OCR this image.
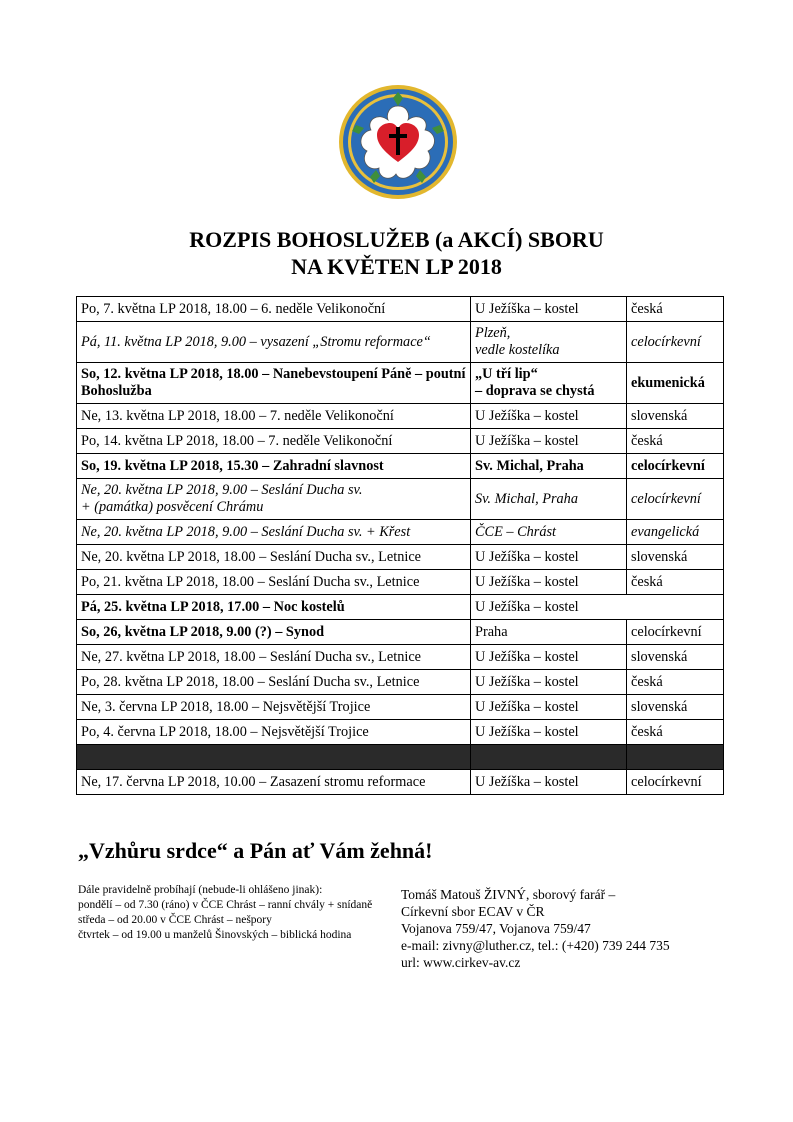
ROZPIS BOHOSLUŽEB (a AKCÍ) SBORU
NA KVĚTEN LP 2018
Po, 7. května LP 2018, 18.00 – 6. neděle Velikonoční	U Ježíška – kostel	česká
Pá, 11. května LP 2018, 9.00 – vysazení „Stromu reformace“	Plzeň,
vedle kostelíka	celocírkevní
So, 12. května LP 2018, 18.00 – Nanebevstoupení Páně – poutní Bohoslužba	„U tří lip“
– doprava se chystá	ekumenická
Ne, 13. května LP 2018, 18.00 – 7. neděle Velikonoční	U Ježíška – kostel	slovenská
Po, 14. května LP 2018, 18.00 – 7. neděle Velikonoční	U Ježíška – kostel	česká
So, 19. května LP 2018, 15.30 – Zahradní slavnost	Sv. Michal, Praha	celocírkevní

Ne, 20. května LP 2018, 9.00 – Seslání Ducha sv.
+ (památka) posvěcení Chrámu	Sv. Michal, Praha	celocírkevní
Ne, 20. května LP 2018, 9.00 – Seslání Ducha sv. + Křest	ČCE – Chrást	evangelická
Ne, 20. května LP 2018, 18.00 – Seslání Ducha sv., Letnice	U Ježíška – kostel	slovenská
Po, 21. května LP 2018, 18.00 – Seslání Ducha sv., Letnice	U Ježíška – kostel	česká
Pá, 25. května LP 2018, 17.00 – Noc kostelů	U Ježíška – kostel	
So, 26, května LP 2018, 9.00 (?) – Synod	Praha	celocírkevní
Ne, 27. května LP 2018, 18.00 – Seslání Ducha sv., Letnice	U Ježíška – kostel	slovenská
Po, 28. května LP 2018, 18.00 – Seslání Ducha sv., Letnice	U Ježíška – kostel	česká
Ne, 3. června LP 2018, 18.00 – Nejsvětější Trojice	U Ježíška – kostel	slovenská
Po, 4. června LP 2018, 18.00 – Nejsvětější Trojice	U Ježíška – kostel	česká

Ne, 17. června LP 2018, 10.00 – Zasazení stromu reformace	U Ježíška – kostel	celocírkevní
„Vzhůru srdce“ a Pán ať Vám žehná!
Dále pravidelně probíhají (nebude-li ohlášeno jinak):
pondělí – od 7.30 (ráno) v ČCE Chrást – ranní chvály + snídaně
středa – od 20.00 v ČCE Chrást – nešpory
čtvrtek – od 19.00 u manželů Šinovských – biblická hodina
Tomáš Matouš ŽIVNÝ, sborový farář –
Církevní sbor ECAV v ČR
Vojanova 759/47, Vojanova 759/47
e-mail: zivny@luther.cz, tel.: (+420) 739 244 735
url: www.cirkev-av.cz
